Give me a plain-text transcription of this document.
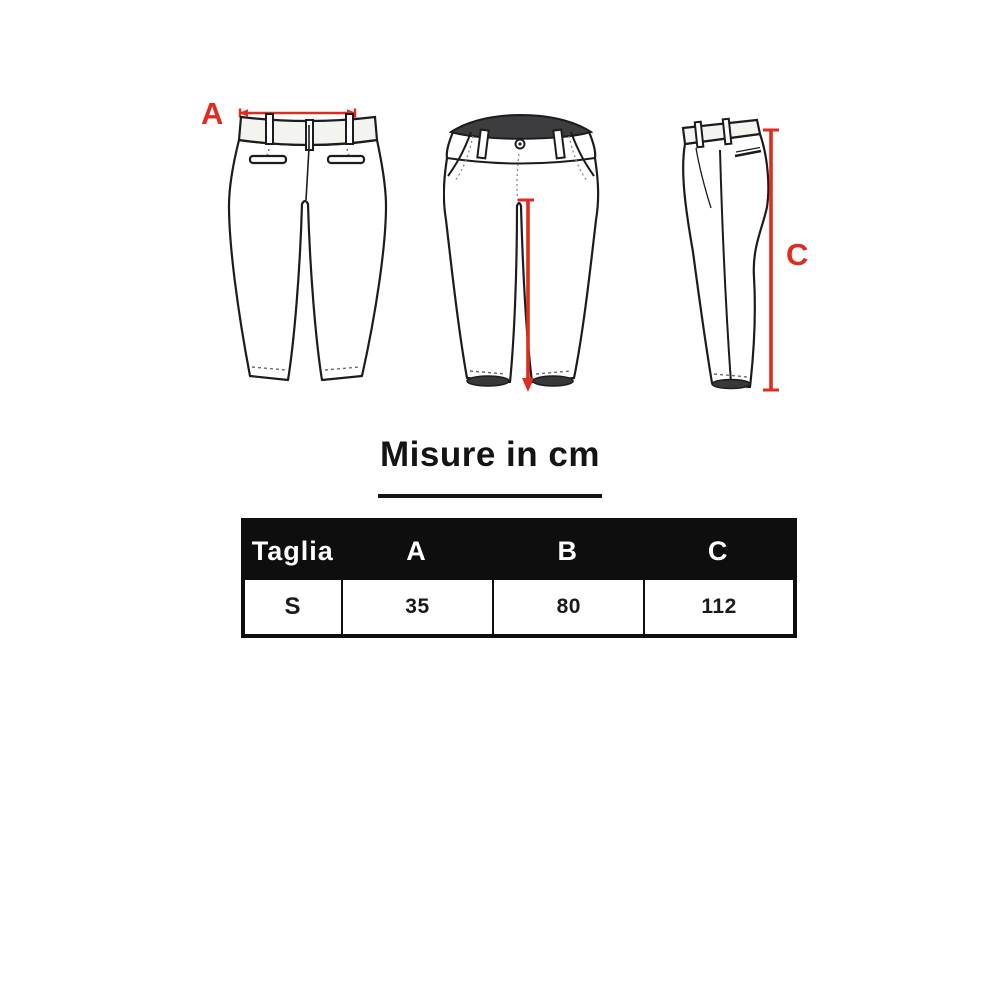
A
C
Misure in cm
Taglia	A	B	C
S	35	80	112
